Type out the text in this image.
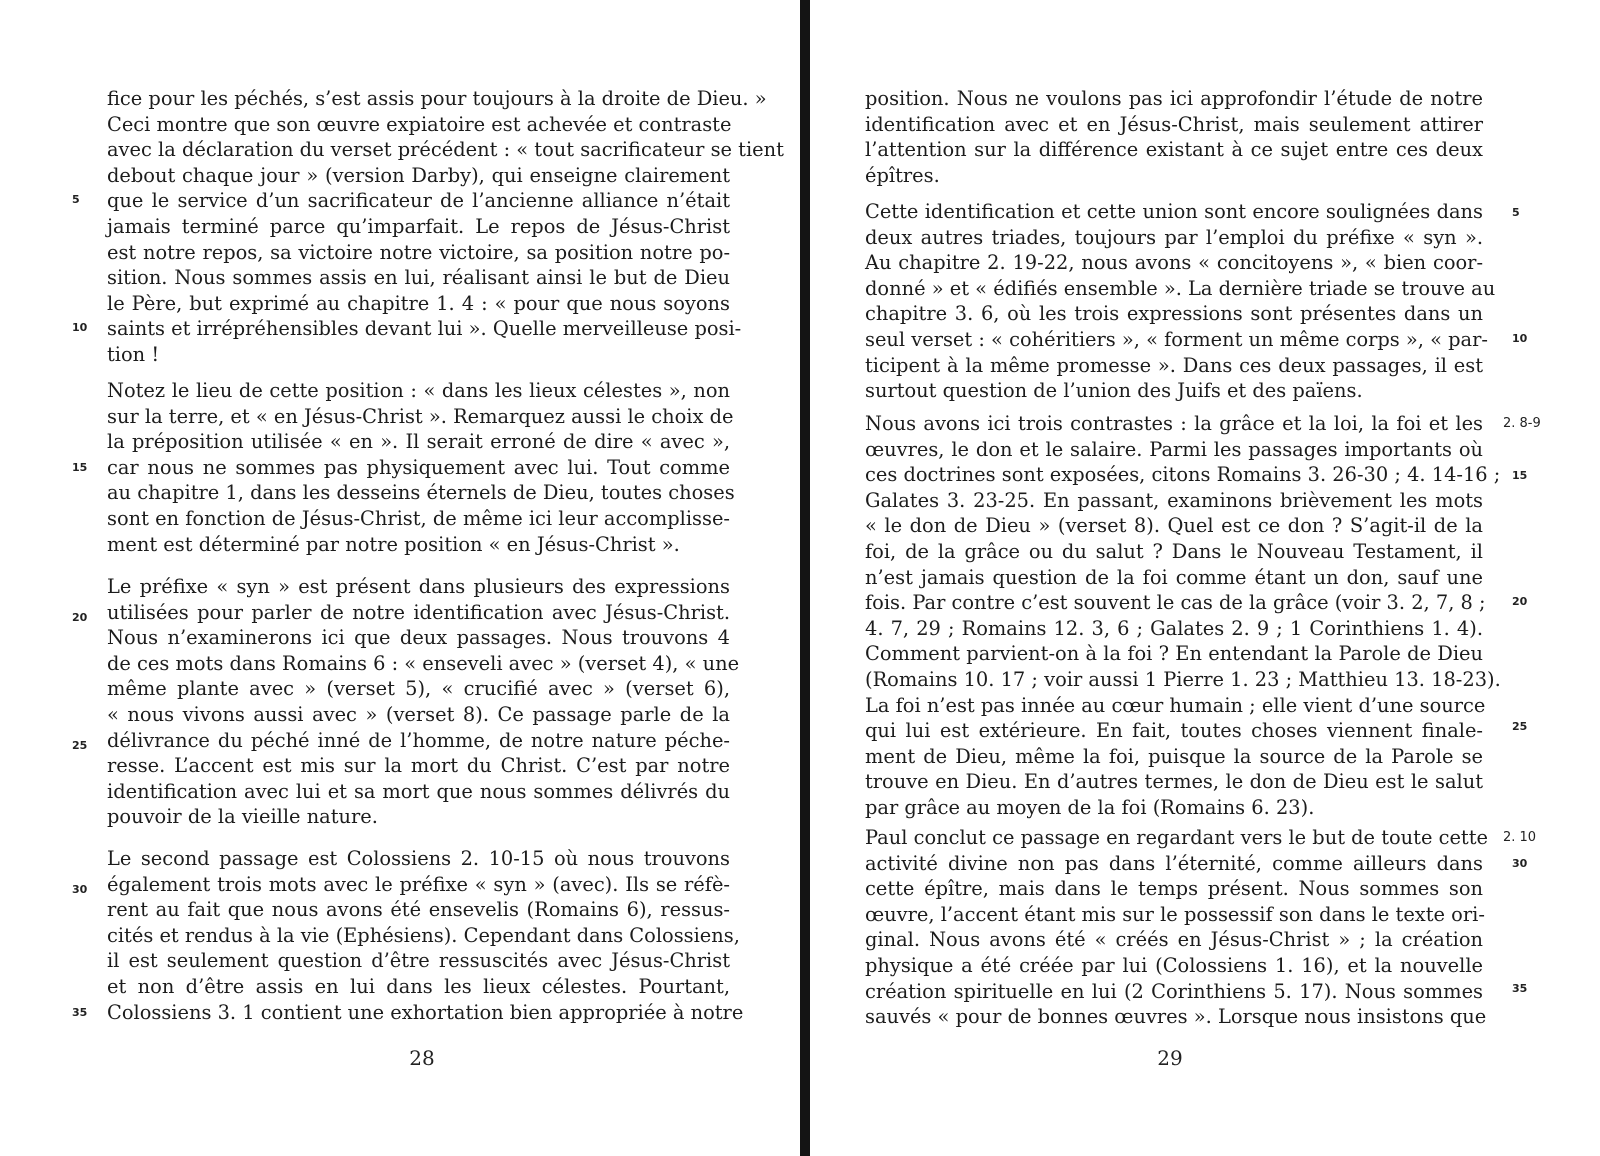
fice pour les péchés, s’est assis pour toujours à la droite de Dieu. »
Ceci montre que son œuvre expiatoire est achevée et contraste
avec la déclaration du verset précédent : « tout sacrificateur se tient
debout chaque jour » (version Darby), qui enseigne clairement
que le service d’un sacrificateur de l’ancienne alliance n’était
jamais terminé parce qu’imparfait. Le repos de Jésus-Christ
est notre repos, sa victoire notre victoire, sa position notre po-
sition. Nous sommes assis en lui, réalisant ainsi le but de Dieu
le Père, but exprimé au chapitre 1. 4 : « pour que nous soyons
saints et irrépréhensibles devant lui ». Quelle merveilleuse posi-
tion !
Notez le lieu de cette position : « dans les lieux célestes », non
sur la terre, et « en Jésus-Christ ». Remarquez aussi le choix de
la préposition utilisée « en ». Il serait erroné de dire « avec »,
car nous ne sommes pas physiquement avec lui. Tout comme
au chapitre 1, dans les desseins éternels de Dieu, toutes choses
sont en fonction de Jésus-Christ, de même ici leur accomplisse-
ment est déterminé par notre position « en Jésus-Christ ».
Le préfixe « syn » est présent dans plusieurs des expressions
utilisées pour parler de notre identification avec Jésus-Christ.
Nous n’examinerons ici que deux passages. Nous trouvons 4
de ces mots dans Romains 6 : « enseveli avec » (verset 4), « une
même plante avec » (verset 5), « crucifié avec » (verset 6),
« nous vivons aussi avec » (verset 8). Ce passage parle de la
délivrance du péché inné de l’homme, de notre nature péche-
resse. L’accent est mis sur la mort du Christ. C’est par notre
identification avec lui et sa mort que nous sommes délivrés du
pouvoir de la vieille nature.
Le second passage est Colossiens 2. 10-15 où nous trouvons
également trois mots avec le préfixe « syn » (avec). Ils se réfè-
rent au fait que nous avons été ensevelis (Romains 6), ressus-
cités et rendus à la vie (Ephésiens). Cependant dans Colossiens,
il est seulement question d’être ressuscités avec Jésus-Christ
et non d’être assis en lui dans les lieux célestes. Pourtant,
Colossiens 3. 1 contient une exhortation bien appropriée à notre
5
10
15
20
25
30
35
28
position. Nous ne voulons pas ici approfondir l’étude de notre
identification avec et en Jésus-Christ, mais seulement attirer
l’attention sur la différence existant à ce sujet entre ces deux
épîtres.
Cette identification et cette union sont encore soulignées dans
deux autres triades, toujours par l’emploi du préfixe « syn ».
Au chapitre 2. 19-22, nous avons « concitoyens », « bien coor-
donné » et « édifiés ensemble ». La dernière triade se trouve au
chapitre 3. 6, où les trois expressions sont présentes dans un
seul verset : « cohéritiers », « forment un même corps », « par-
ticipent à la même promesse ». Dans ces deux passages, il est
surtout question de l’union des Juifs et des païens.
Nous avons ici trois contrastes : la grâce et la loi, la foi et les
œuvres, le don et le salaire. Parmi les passages importants où
ces doctrines sont exposées, citons Romains 3. 26-30 ; 4. 14-16 ;
Galates 3. 23-25. En passant, examinons brièvement les mots
« le don de Dieu » (verset 8). Quel est ce don ? S’agit-il de la
foi, de la grâce ou du salut ? Dans le Nouveau Testament, il
n’est jamais question de la foi comme étant un don, sauf une
fois. Par contre c’est souvent le cas de la grâce (voir 3. 2, 7, 8 ;
4. 7, 29 ; Romains 12. 3, 6 ; Galates 2. 9 ; 1 Corinthiens 1. 4).
Comment parvient-on à la foi ? En entendant la Parole de Dieu
(Romains 10. 17 ; voir aussi 1 Pierre 1. 23 ; Matthieu 13. 18-23).
La foi n’est pas innée au cœur humain ; elle vient d’une source
qui lui est extérieure. En fait, toutes choses viennent finale-
ment de Dieu, même la foi, puisque la source de la Parole se
trouve en Dieu. En d’autres termes, le don de Dieu est le salut
par grâce au moyen de la foi (Romains 6. 23).
Paul conclut ce passage en regardant vers le but de toute cette
activité divine non pas dans l’éternité, comme ailleurs dans
cette épître, mais dans le temps présent. Nous sommes son
œuvre, l’accent étant mis sur le possessif son dans le texte ori-
ginal. Nous avons été « créés en Jésus-Christ » ; la création
physique a été créée par lui (Colossiens 1. 16), et la nouvelle
création spirituelle en lui (2 Corinthiens 5. 17). Nous sommes
sauvés « pour de bonnes œuvres ». Lorsque nous insistons que
5
10
15
20
25
30
35
2. 8-9
2. 10
29
